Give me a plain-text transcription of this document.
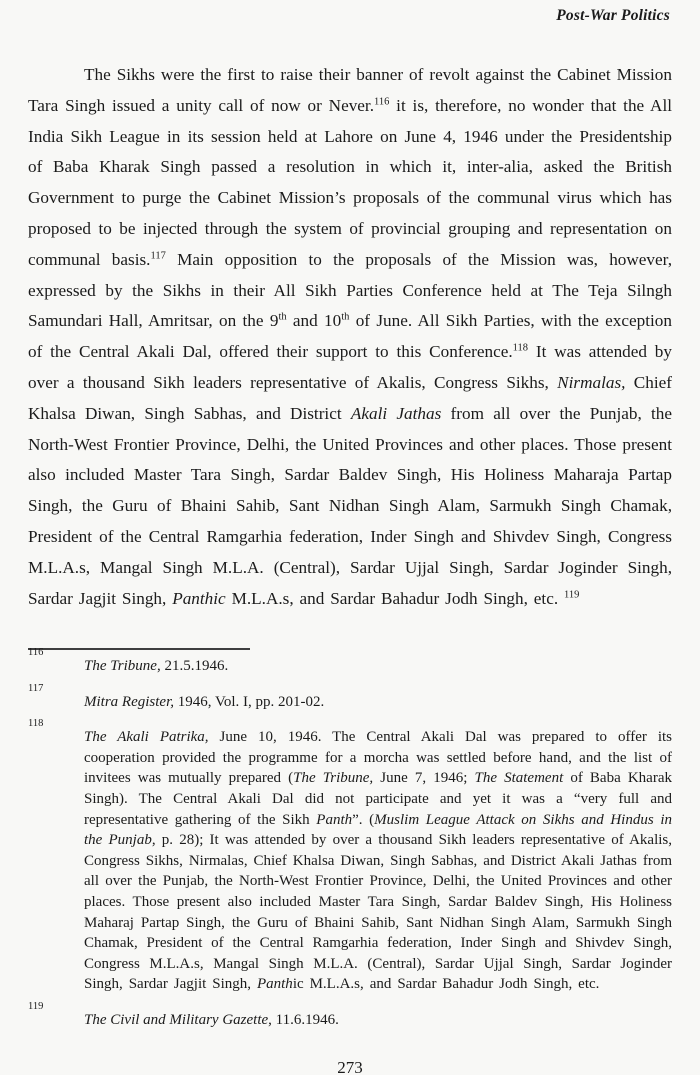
Post-War Politics
The Sikhs were the first to raise their banner of revolt against the Cabinet Mission Tara Singh issued a unity call of now or Never.$^{116}$ it is, therefore, no wonder that the All India Sikh League in its session held at Lahore on June 4, 1946 under the Presidentship of Baba Kharak Singh passed a resolution in which it, inter-alia, asked the British Government to purge the Cabinet Mission’s proposals of the communal virus which has proposed to be injected through the system of provincial grouping and representation on communal basis.$^{117}$ Main opposition to the proposals of the Mission was, however, expressed by the Sikhs in their All Sikh Parties Conference held at The Teja Silngh Samundari Hall, Amritsar, on the 9th and 10th of June. All Sikh Parties, with the exception of the Central Akali Dal, offered their support to this Conference.$^{118}$ It was attended by over a thousand Sikh leaders representative of Akalis, Congress Sikhs, Nirmalas, Chief Khalsa Diwan, Singh Sabhas, and District Akali Jathas from all over the Punjab, the North-West Frontier Province, Delhi, the United Provinces and other places. Those present also included Master Tara Singh, Sardar Baldev Singh, His Holiness Maharaja Partap Singh, the Guru of Bhaini Sahib, Sant Nidhan Singh Alam, Sarmukh Singh Chamak, President of the Central Ramgarhia federation, Inder Singh and Shivdev Singh, Congress M.L.A.s, Mangal Singh M.L.A. (Central), Sardar Ujjal Singh, Sardar Joginder Singh, Sardar Jagjit Singh, Panthic M.L.A.s, and Sardar Bahadur Jodh Singh, etc. $^{119}$
116
The Tribune, 21.5.1946.
117
Mitra Register, 1946, Vol. I, pp. 201-02.
118
The Akali Patrika, June 10, 1946. The Central Akali Dal was prepared to offer its cooperation provided the programme for a morcha was settled before hand, and the list of invitees was mutually prepared (The Tribune, June 7, 1946; The Statement of Baba Kharak Singh). The Central Akali Dal did not participate and yet it was a “very full and representative gathering of the Sikh Panth”. (Muslim League Attack on Sikhs and Hindus in the Punjab, p. 28); It was attended by over a thousand Sikh leaders representative of Akalis, Congress Sikhs, Nirmalas, Chief Khalsa Diwan, Singh Sabhas, and District Akali Jathas from all over the Punjab, the North-West Frontier Province, Delhi, the United Provinces and other places. Those present also included Master Tara Singh, Sardar Baldev Singh, His Holiness Maharaj Partap Singh, the Guru of Bhaini Sahib, Sant Nidhan Singh Alam, Sarmukh Singh Chamak, President of the Central Ramgarhia federation, Inder Singh and Shivdev Singh, Congress M.L.A.s, Mangal Singh M.L.A. (Central), Sardar Ujjal Singh, Sardar Joginder Singh, Sardar Jagjit Singh, Panthic M.L.A.s, and Sardar Bahadur Jodh Singh, etc.
119
The Civil and Military Gazette, 11.6.1946.
273
